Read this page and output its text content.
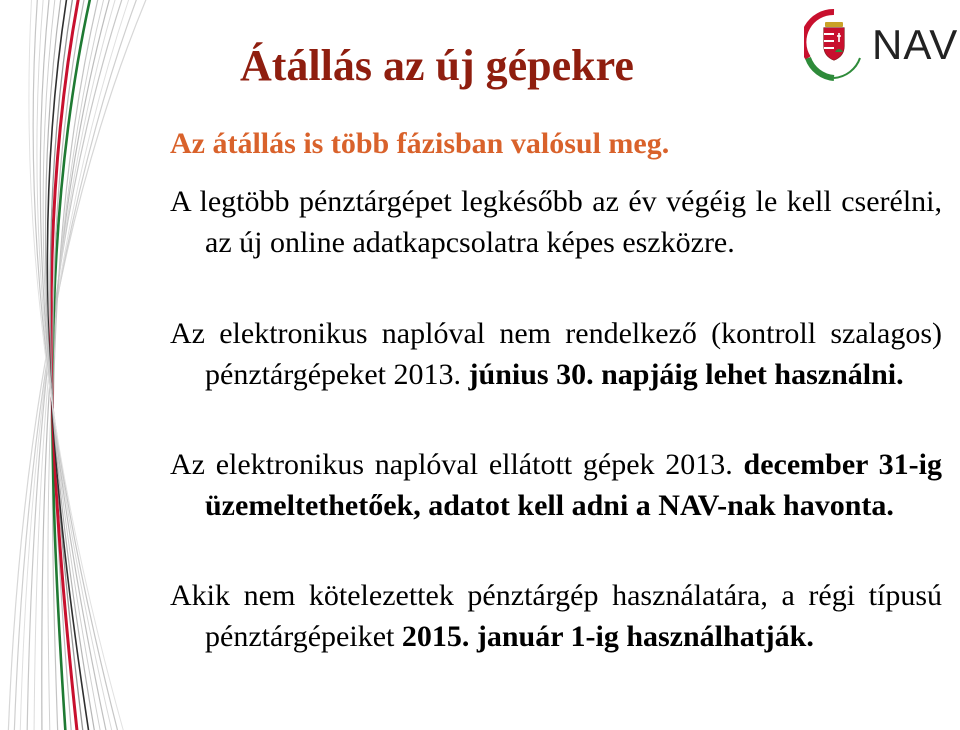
NAV
Átállás az új gépekre

Az átállás is több fázisban valósul meg.

A legtöbb pénztárgépet legkésőbb az év végéig le kell cserélni, az új online adatkapcsolatra képes eszközre.
Az elektronikus naplóval nem rendelkező (kontroll szalagos) pénztárgépeket 2013. június 30. napjáig lehet használni.
Az elektronikus naplóval ellátott gépek 2013. december 31-ig üzemeltethetőek, adatot kell adni a NAV-nak havonta.
Akik nem kötelezettek pénztárgép használatára, a régi típusú pénztárgépeiket 2015. január 1-ig használhatják.
